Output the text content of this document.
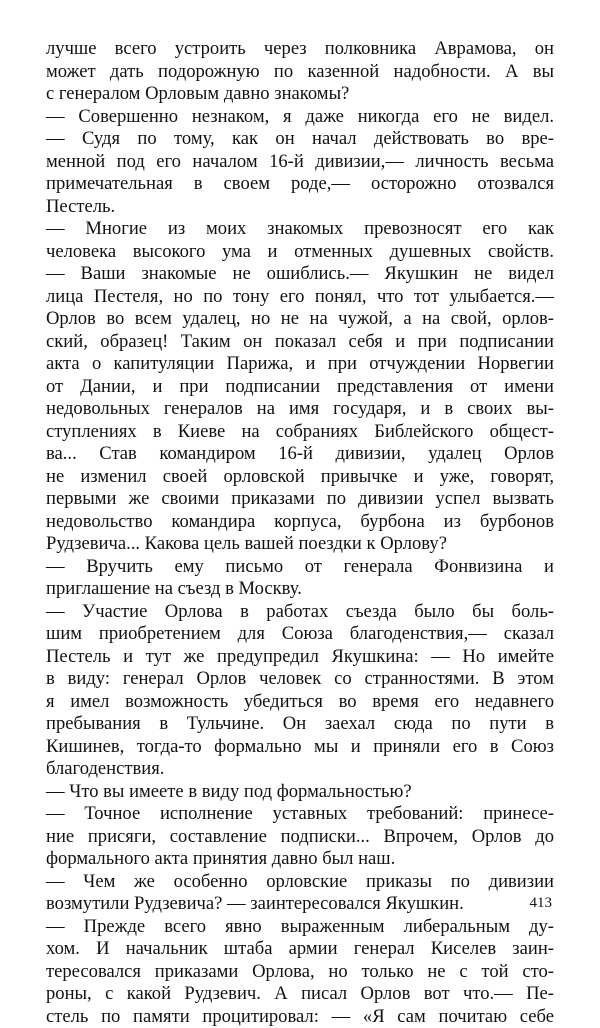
лучше всего устроить через полковника Аврамова, он
может дать подорожную по казенной надобности. А вы
с генералом Орловым давно знакомы?
— Совершенно незнаком, я даже никогда его не видел.
— Судя по тому, как он начал действовать во вре-
менной под его началом 16-й дивизии,— личность весьма
примечательная в своем роде,— осторожно отозвался
Пестель.
— Многие из моих знакомых превозносят его как
человека высокого ума и отменных душевных свойств.
— Ваши знакомые не ошиблись.— Якушкин не видел
лица Пестеля, но по тону его понял, что тот улыбается.—
Орлов во всем удалец, но не на чужой, а на свой, орлов-
ский, образец! Таким он показал себя и при подписании
акта о капитуляции Парижа, и при отчуждении Норвегии
от Дании, и при подписании представления от имени
недовольных генералов на имя государя, и в своих вы-
ступлениях в Киеве на собраниях Библейского общест-
ва... Став командиром 16-й дивизии, удалец Орлов
не изменил своей орловской привычке и уже, говорят,
первыми же своими приказами по дивизии успел вызвать
недовольство командира корпуса, бурбона из бурбонов
Рудзевича... Какова цель вашей поездки к Орлову?
— Вручить ему письмо от генерала Фонвизина и
приглашение на съезд в Москву.
— Участие Орлова в работах съезда было бы боль-
шим приобретением для Союза благоденствия,— сказал
Пестель и тут же предупредил Якушкина: — Но имейте
в виду: генерал Орлов человек со странностями. В этом
я имел возможность убедиться во время его недавнего
пребывания в Тульчине. Он заехал сюда по пути в
Кишинев, тогда-то формально мы и приняли его в Союз
благоденствия.
— Что вы имеете в виду под формальностью?
— Точное исполнение уставных требований: принесе-
ние присяги, составление подписки... Впрочем, Орлов до
формального акта принятия давно был наш.
— Чем же особенно орловские приказы по дивизии
возмутили Рудзевича? — заинтересовался Якушкин.
— Прежде всего явно выраженным либеральным ду-
хом. И начальник штаба армии генерал Киселев заин-
тересовался приказами Орлова, но только не с той сто-
роны, с какой Рудзевич. А писал Орлов вот что.— Пе-
стель по памяти процитировал: — «Я сам почитаю себе
413
